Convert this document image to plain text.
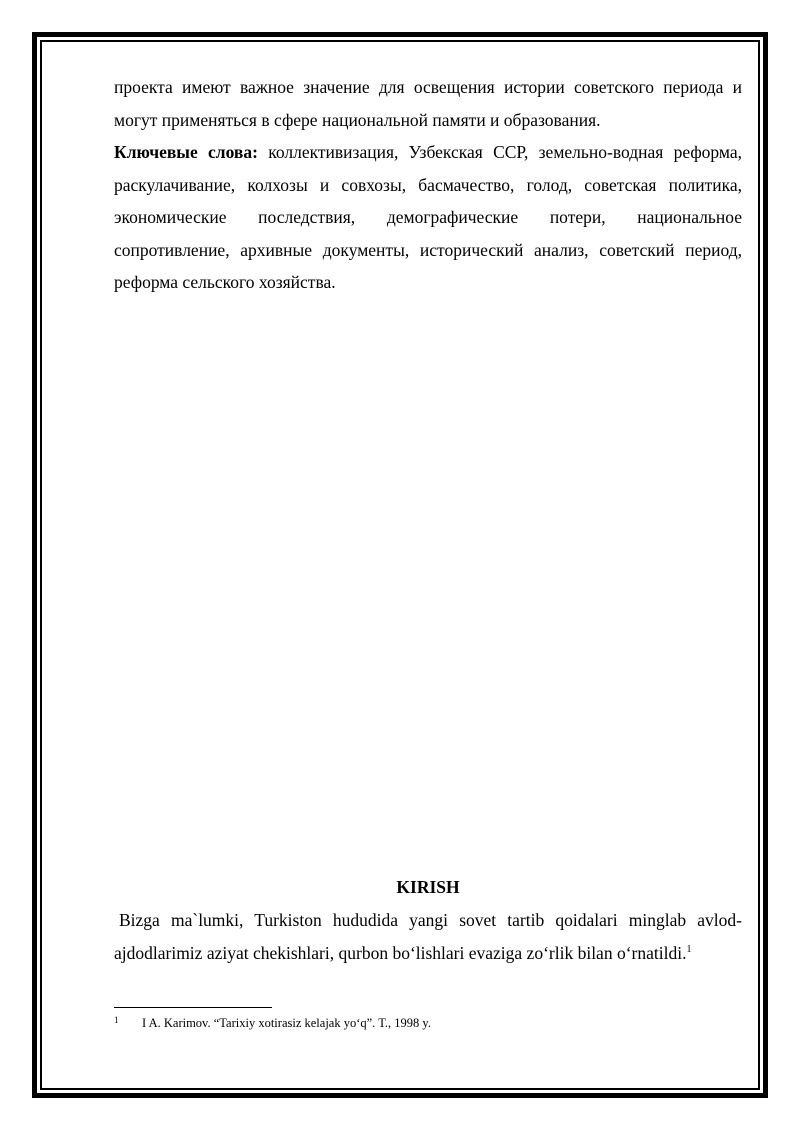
проекта имеют важное значение для освещения истории советского периода и могут применяться в сфере национальной памяти и образования.

Ключевые слова: коллективизация, Узбекская ССР, земельно-водная реформа, раскулачивание, колхозы и совхозы, басмачество, голод, советская политика, экономические последствия, демографические потери, национальное сопротивление, архивные документы, исторический анализ, советский период, реформа сельского хозяйства.

KIRISH

Bizga ma`lumki, Turkiston hududida yangi sovet tartib qoidalari minglab avlod-ajdodlarimiz aziyat chekishlari, qurbon boʻlishlari evaziga zoʻrlik bilan oʻrnatildi.$^1$

1 I A. Karimov. “Tarixiy xotirasiz kelajak yo‘q”. T., 1998 y.
